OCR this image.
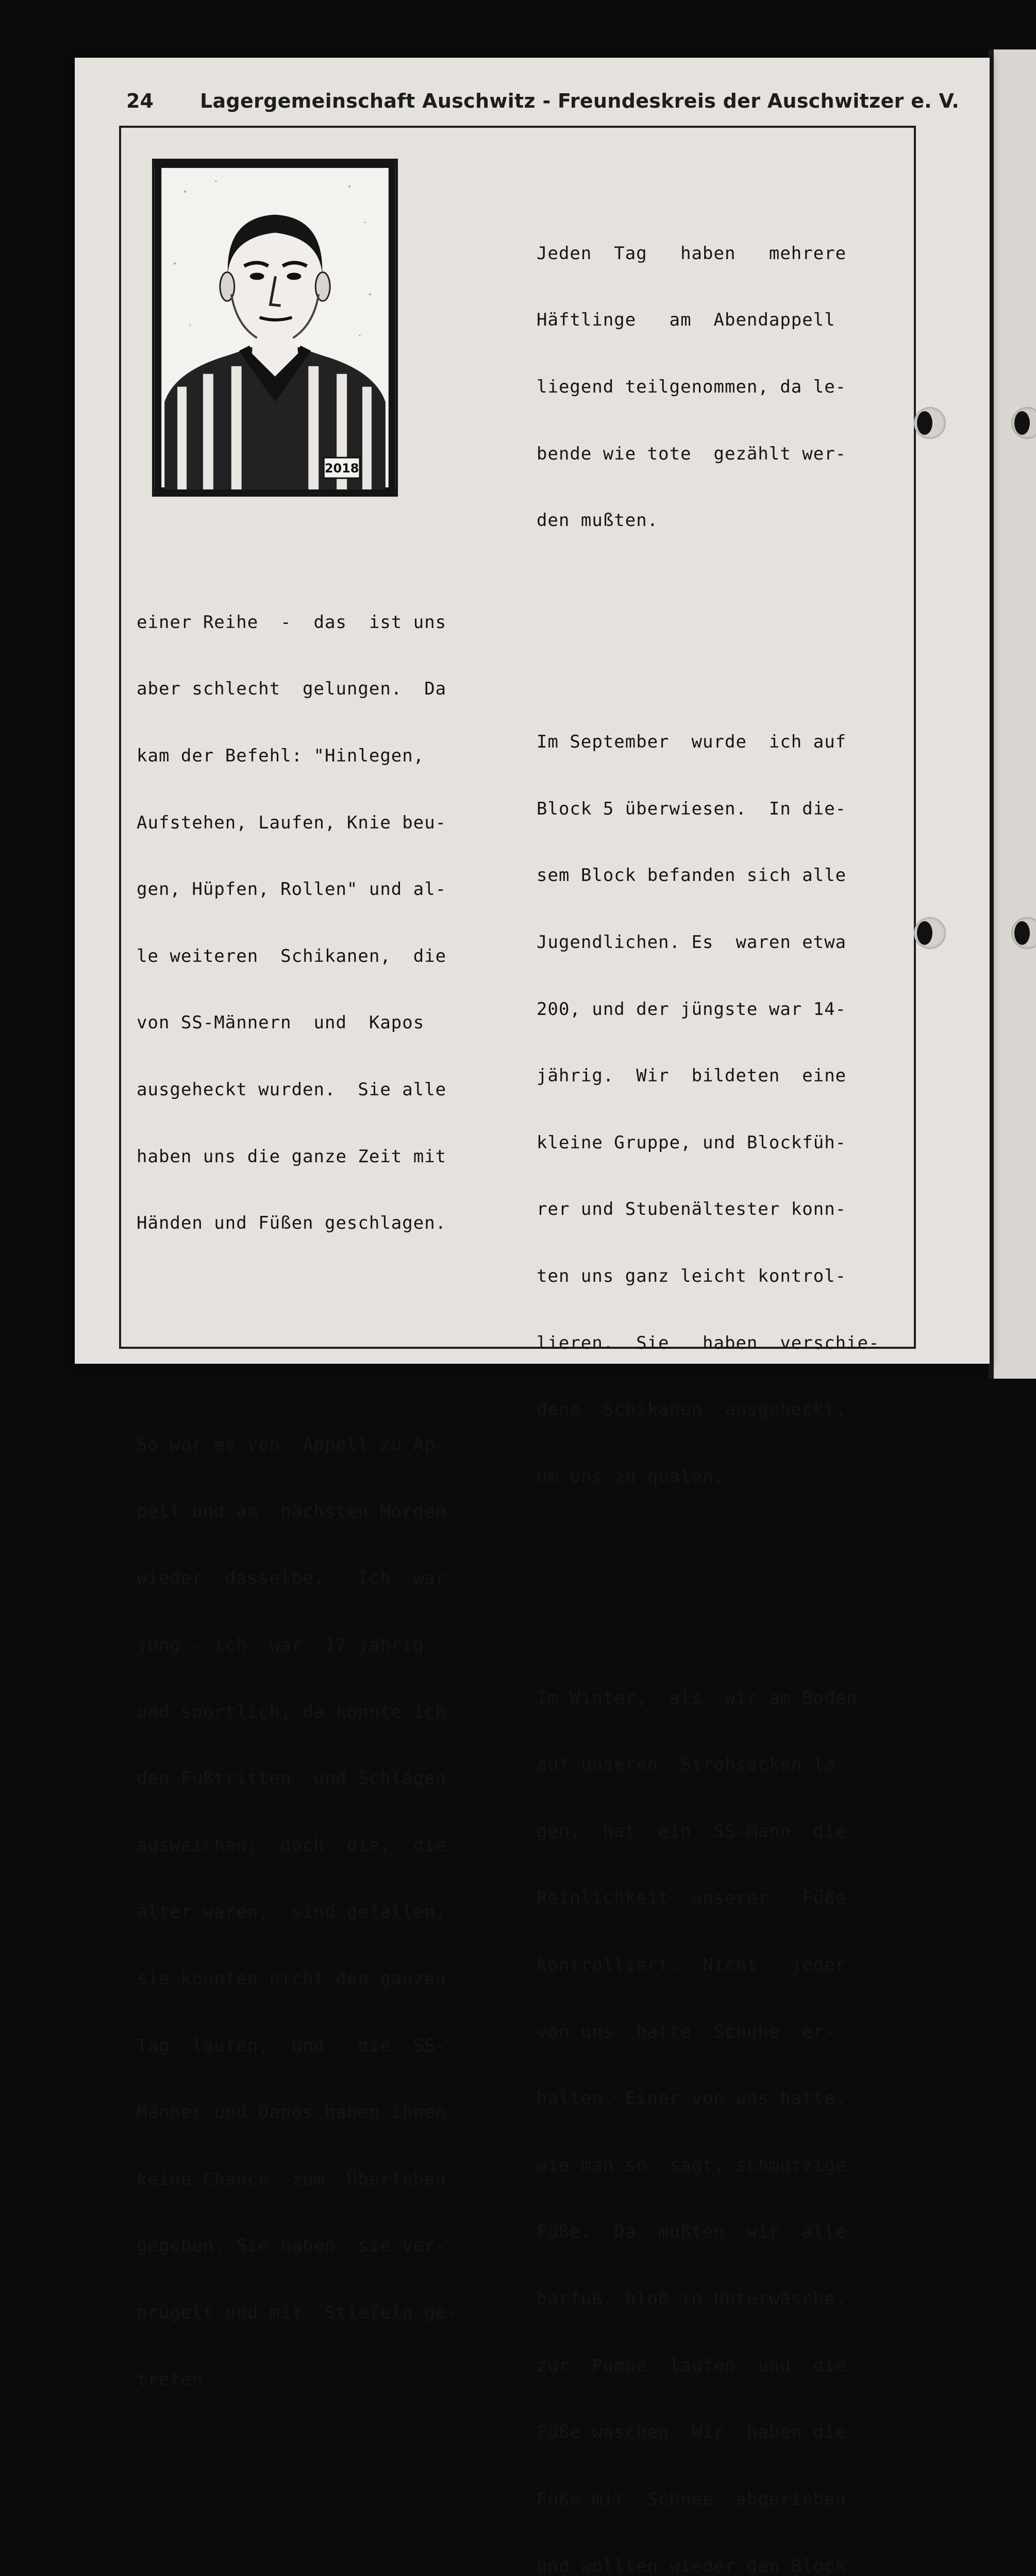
24 Lagergemeinschaft Auschwitz - Freundeskreis der Auschwitzer e. V.
2018

einer Reihe  -  das  ist uns

aber schlecht  gelungen.  Da

kam der Befehl: "Hinlegen,

Aufstehen, Laufen, Knie beu-

gen, Hüpfen, Rollen" und al-

le weiteren  Schikanen,  die

von SS-Männern  und  Kapos

ausgeheckt wurden.  Sie alle

haben uns die ganze Zeit mit

Händen und Füßen geschlagen.

So war es von  Appell zu Ap-

pell und am  nächsten Morgen

wieder  dasselbe.   Ich  war

jung - ich  war  17-jährig -

und sportlich, da konnte ich

den Fußtritten  und Schlägen

ausweichen;  doch  die,  die

älter waren,  sind gefallen,

sie konnten nicht den ganzen

Tag  laufen,  und   die  SS-

Männer und Dapos haben ihnen

keine Chance  zum  Überleben

gegeben. Sie haben  sie ver-

prügelt und mit  Stiefeln ge-

treten.

Jeden  Tag   haben   mehrere

Häftlinge   am  Abendappell

liegend teilgenommen, da le-

bende wie tote  gezählt wer-

den mußten.

Im September  wurde  ich auf

Block 5 überwiesen.  In die-

sem Block befanden sich alle

Jugendlichen. Es  waren etwa

200, und der jüngste war 14-

jährig.  Wir  bildeten  eine

kleine Gruppe, und Blockfüh-

rer und Stubenältester konn-

ten uns ganz leicht kontrol-

lieren.  Sie   haben  verschie-

dene  Schikanen  ausgeheckt,

um uns zu quälen.

Im Winter,  als  wir am Boden

auf unseren  Strohsäcken la-

gen,  hat  ein  SS-Mann  die

Reinlichkeit  unserer   Füße

kontrolliert.  Nicht   jeder

von uns  hatte  Schuhe  er-

halten. Einer von uns hatte,

wie man so  sagt, schmutzige

Füße.  Da  mußten  wir  alle

barfuß, bloß in Unterwäsche,

zur  Pumpe  laufen  und  die

Füße waschen. Wir  haben die

Füße mit  Schnee  abgerieben

und wollten wieder den Block
